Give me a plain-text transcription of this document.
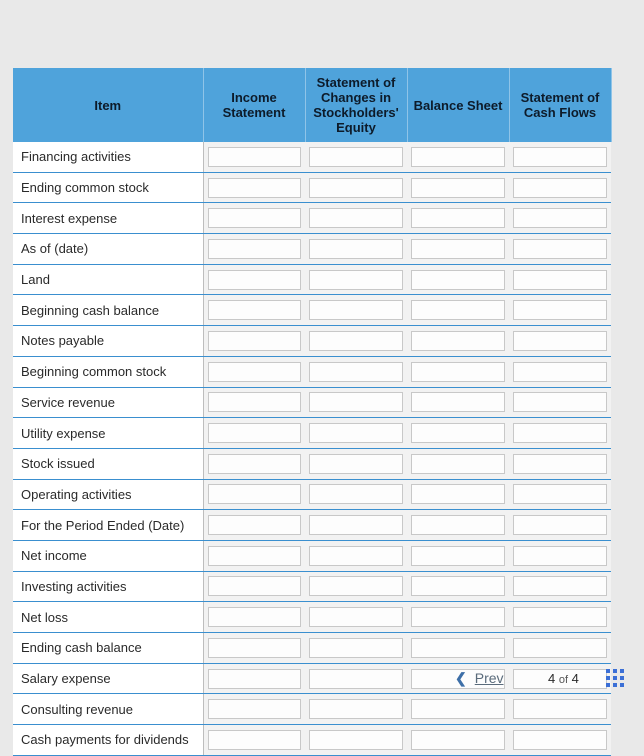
Item	Income Statement	Statement of Changes in Stockholders' Equity	Balance Sheet	Statement of Cash Flows
Financing activities	

Ending common stock	

Interest expense	

As of (date)	

Land	

Beginning cash balance	

Notes payable	

Beginning common stock	

Service revenue	

Utility expense	

Stock issued	

Operating activities	

For the Period Ended (Date)	

Net income	

Investing activities	

Net loss	

Ending cash balance	

Salary expense	

Consulting revenue	

Cash payments for dividends	

❮ Prev	4 of 4
